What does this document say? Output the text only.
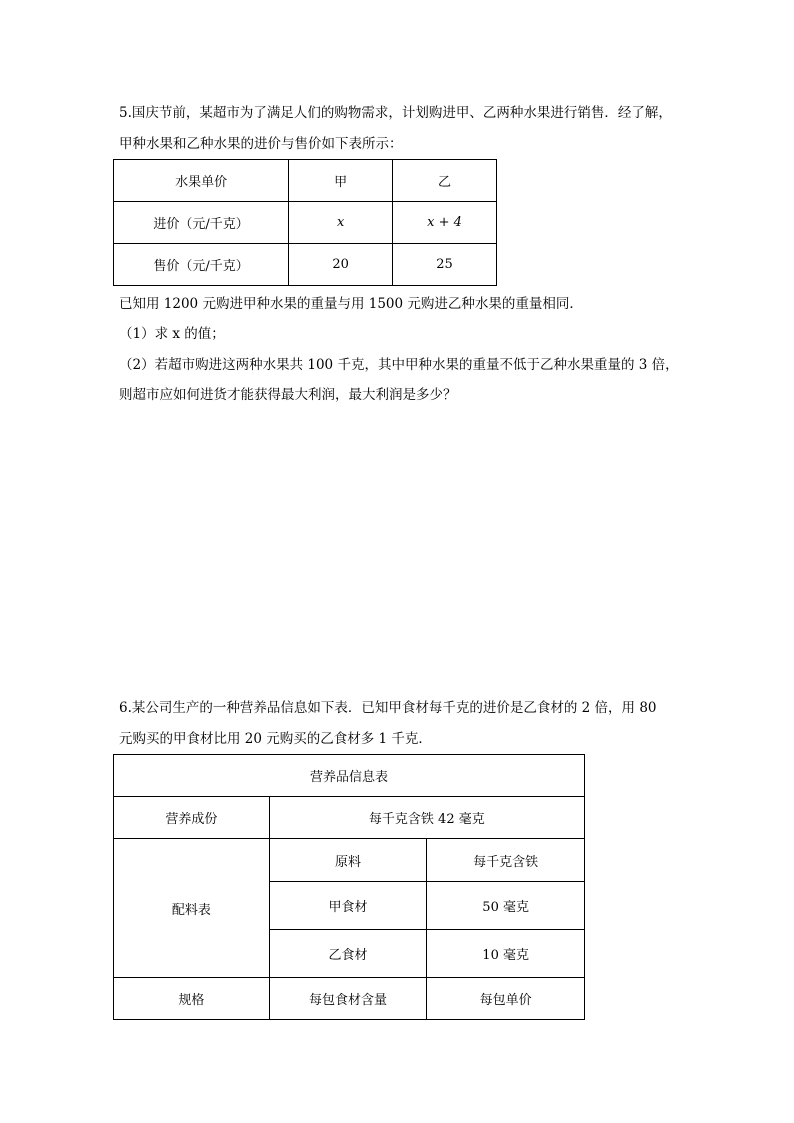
5.国庆节前，某超市为了满足人们的购物需求，计划购进甲、乙两种水果进行销售．经了解，
甲种水果和乙种水果的进价与售价如下表所示：
水果单价	甲	乙
进价（元/千克）	x	x + 4
售价（元/千克）	20	25
已知用 1200 元购进甲种水果的重量与用 1500 元购进乙种水果的重量相同．
（1）求 x 的值；
（2）若超市购进这两种水果共 100 千克，其中甲种水果的重量不低于乙种水果重量的 3 倍，
则超市应如何进货才能获得最大利润，最大利润是多少？
6.某公司生产的一种营养品信息如下表．已知甲食材每千克的进价是乙食材的 2 倍，用 80
元购买的甲食材比用 20 元购买的乙食材多 1 千克．
营养品信息表		
营养成份	每千克含铁 42 毫克	
配料表	原料	每千克含铁
	甲食材	50 毫克
	乙食材	10 毫克
规格	每包食材含量	每包单价
